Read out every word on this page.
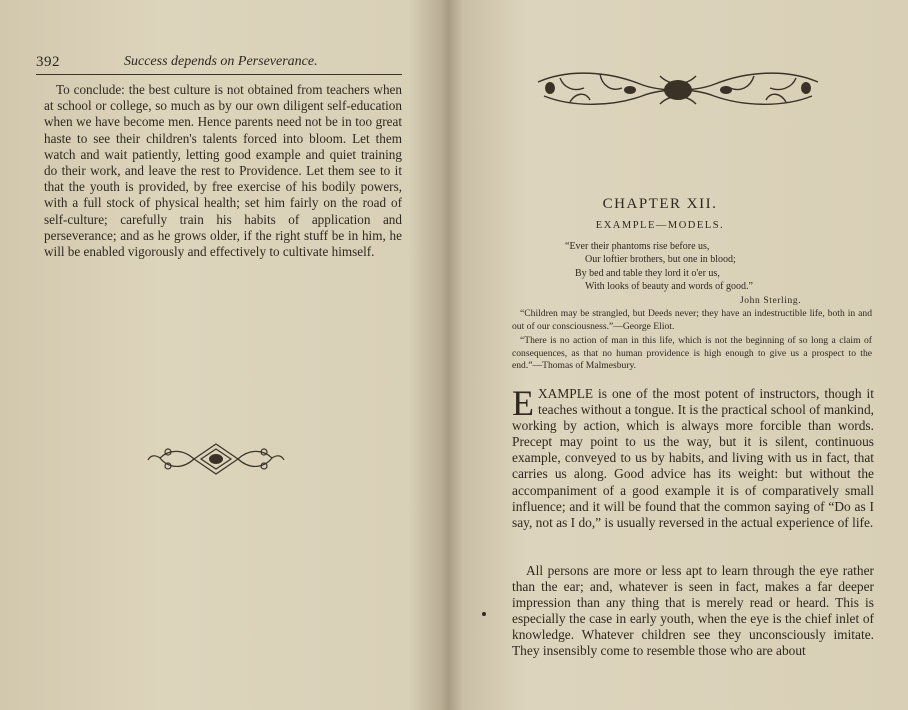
392	Success depends on Perseverance.

To conclude: the best culture is not obtained from teachers when at school or college, so much as by our own diligent self-education when we have become men. Hence parents need not be in too great haste to see their children's talents forced into bloom. Let them watch and wait patiently, letting good example and quiet training do their work, and leave the rest to Providence. Let them see to it that the youth is provided, by free exercise of his bodily powers, with a full stock of physical health; set him fairly on the road of self-culture; carefully train his habits of application and perseverance; and as he grows older, if the right stuff be in him, he will be enabled vigorously and effectively to cultivate himself.

CHAPTER XII.
EXAMPLE—MODELS.
“Ever their phantoms rise before us,
Our loftier brothers, but one in blood;
By bed and table they lord it o'er us,
With looks of beauty and words of good.”
John Sterling.

“Children may be strangled, but Deeds never; they have an indestructible life, both in and out of our consciousness.”—George Eliot.

“There is no action of man in this life, which is not the beginning of so long a claim of consequences, as that no human providence is high enough to give us a prospect to the end.”—Thomas of Malmesbury.

EXAMPLE is one of the most potent of instructors, though it teaches without a tongue. It is the practical school of mankind, working by action, which is always more forcible than words. Precept may point to us the way, but it is silent, continuous example, conveyed to us by habits, and living with us in fact, that carries us along. Good advice has its weight: but without the accompaniment of a good example it is of comparatively small influence; and it will be found that the common saying of “Do as I say, not as I do,” is usually reversed in the actual experience of life.

All persons are more or less apt to learn through the eye rather than the ear; and, whatever is seen in fact, makes a far deeper impression than any thing that is merely read or heard. This is especially the case in early youth, when the eye is the chief inlet of knowledge. Whatever children see they unconsciously imitate. They insensibly come to resemble those who are about
